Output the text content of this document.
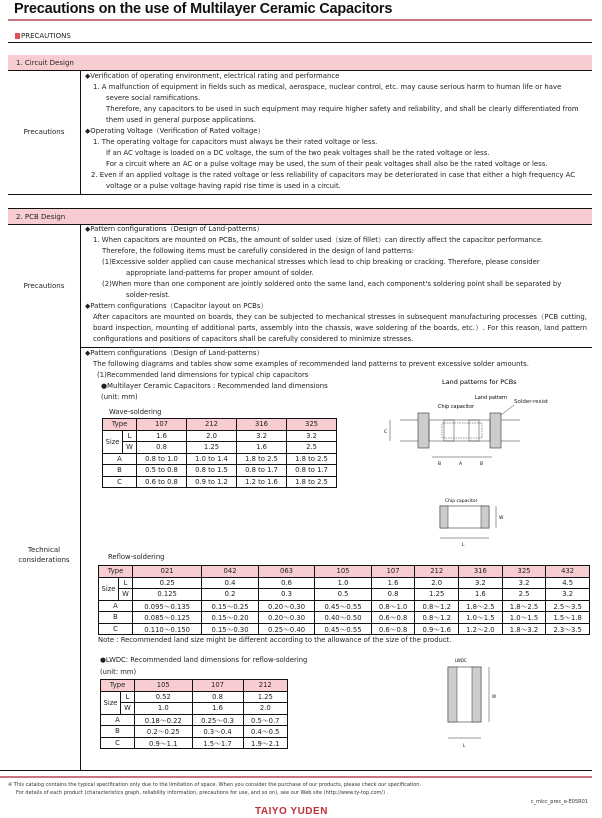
Precautions on the use of Multilayer Ceramic Capacitors
PRECAUTIONS
1. Circuit Design
Precautions
◆Verification of operating environment, electrical rating and performance
1. A malfunction of equipment in fields such as medical, aerospace, nuclear control, etc. may cause serious harm to human life or have
severe social ramifications.
Therefore, any capacitors to be used in such equipment may require higher safety and reliability, and shall be clearly differentiated from
them used in general purpose applications.
◆Operating Voltage（Verification of Rated voltage）
1. The operating voltage for capacitors must always be their rated voltage or less.
If an AC voltage is loaded on a DC voltage, the sum of the two peak voltages shall be the rated voltage or less.
For a circuit where an AC or a pulse voltage may be used, the sum of their peak voltages shall also be the rated voltage or less.
2. Even if an applied voltage is the rated voltage or less reliability of capacitors may be deteriorated in case that either a high frequency AC
voltage or a pulse voltage having rapid rise time is used in a circuit.
2. PCB Design
Precautions
◆Pattern configurations（Design of Land-patterns）
1. When capacitors are mounted on PCBs, the amount of solder used（size of fillet）can directly affect the capacitor performance.
Therefore, the following items must be carefully considered in the design of land patterns:
(1)Excessive solder applied can cause mechanical stresses which lead to chip breaking or cracking. Therefore, please consider
appropriate land-patterns for proper amount of solder.
(2)When more than one component are jointly soldered onto the same land, each component's soldering point shall be separated by
solder-resist.
◆Pattern configurations（Capacitor layout on PCBs）
After capacitors are mounted on boards, they can be subjected to mechanical stresses in subsequent manufacturing processes（PCB cutting, board inspection, mounting of additional parts, assembly into the chassis, wave soldering of the boards, etc.）. For this reason, land pattern configurations and positions of capacitors shall be carefully considered to minimize stresses.
Technical considerations
◆Pattern configurations（Design of Land-patterns）
The following diagrams and tables show some examples of recommended land patterns to prevent excessive solder amounts.
(1)Recommended land dimensions for typical chip capacitors
●Multilayer Ceramic Capacitors : Recommended land dimensions
(unit: mm)
Wave-soldering
Type		107	212	316	325
Size	L	1.6	2.0	3.2	3.2
	W	0.8	1.25	1.6	2.5
A		0.8 to 1.0	1.0 to 1.4	1.8 to 2.5	1.8 to 2.5
B		0.5 to 0.8	0.8 to 1.5	0.8 to 1.7	0.8 to 1.7
C		0.6 to 0.8	0.9 to 1.2	1.2 to 1.6	1.8 to 2.5
Reflow-soldering
Type		021	042	063	105	107	212	316	325	432
Size	L	0.25	0.4	0.6	1.0	1.6	2.0	3.2	3.2	4.5
	W	0.125	0.2	0.3	0.5	0.8	1.25	1.6	2.5	3.2
A		0.095～0.135	0.15～0.25	0.20～0.30	0.45～0.55	0.8～1.0	0.8～1.2	1.8～2.5	1.8～2.5	2.5～3.5
B		0.085～0.125	0.15～0.20	0.20～0.30	0.40～0.50	0.6～0.8	0.8～1.2	1.0～1.5	1.0～1.5	1.5～1.8
C		0.110～0.150	0.15～0.30	0.25～0.40	0.45～0.55	0.6～0.8	0.9～1.6	1.2～2.0	1.8～3.2	2.3～3.5
Note : Recommended land size might be different according to the allowance of the size of the product.
●LWDC: Recommended land dimensions for reflow-soldering
(unit: mm)
Type		105	107	212
Size	L	0.52	0.8	1.25
	W	1.0	1.6	2.0
A		0.18～0.22	0.25～0.3	0.5～0.7
B		0.2～0.25	0.3～0.4	0.4～0.5
C		0.9～1.1	1.5～1.7	1.9～2.1
Land patterns for PCBs
Land pattern
Chip capacitor
Solder-resist
C
B	A	B
Chip capacitor
W
L
LWDC
W
L
※ This catalog contains the typical specification only due to the limitation of space. When you consider the purchase of our products, please check our specification.
For details of each product (characteristics graph, reliability information, precautions for use, and so on), see our Web site (http://www.ty-top.com/) .
c_mlcc_prec_e-E05R01
TAIYO YUDEN
